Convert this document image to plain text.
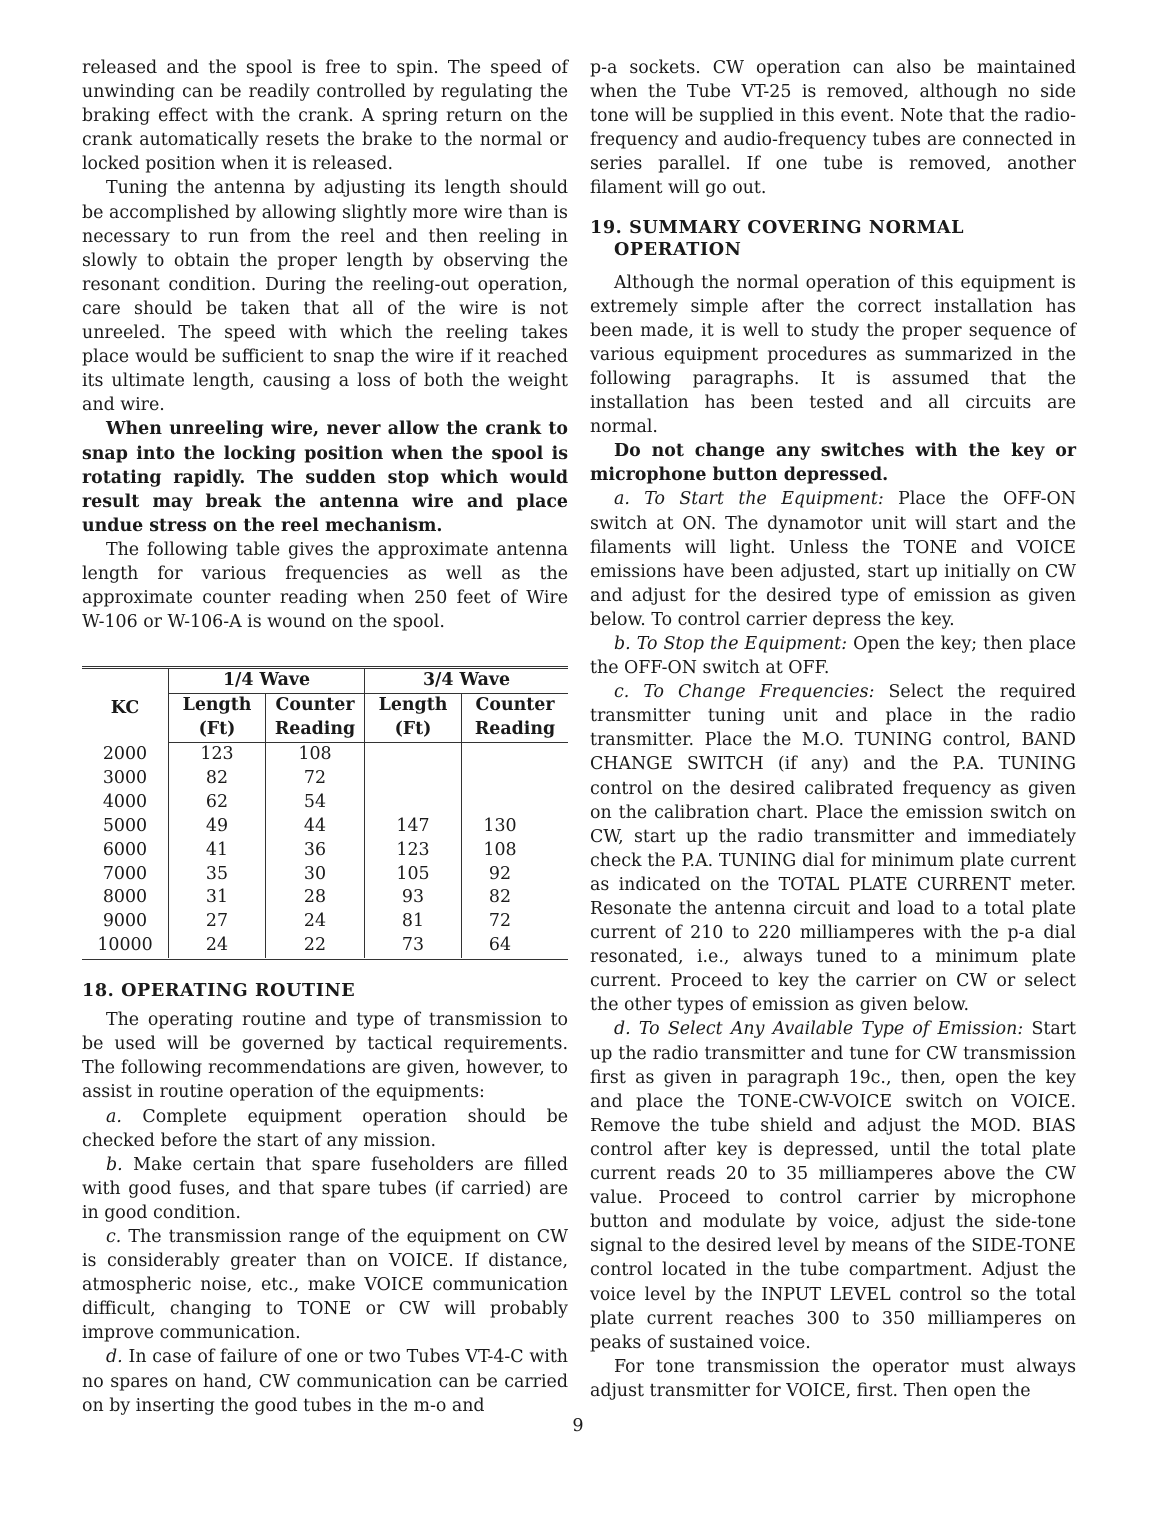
released and the spool is free to spin. The speed of unwinding can be readily controlled by regulating the braking effect with the crank. A spring return on the crank automatically resets the brake to the normal or locked position when it is released.

Tuning the antenna by adjusting its length should be accomplished by allowing slightly more wire than is necessary to run from the reel and then reeling in slowly to obtain the proper length by observing the resonant condition. During the reeling-out operation, care should be taken that all of the wire is not unreeled. The speed with which the reeling takes place would be sufficient to snap the wire if it reached its ultimate length, causing a loss of both the weight and wire.

When unreeling wire, never allow the crank to snap into the locking position when the spool is rotating rapidly. The sudden stop which would result may break the antenna wire and place undue stress on the reel mechanism.

The following table gives the approximate antenna length for various frequencies as well as the approximate counter reading when 250 feet of Wire W-106 or W-106-A is wound on the spool.

KC	1/4 Wave		3/4 Wave	
	Length	Counter	Length	Counter
	(Ft)	Reading	(Ft)	Reading
2000	123	108		
3000	82	72		
4000	62	54		
5000	49	44	147	130
6000	41	36	123	108
7000	35	30	105	92
8000	31	28	93	82
9000	27	24	81	72
10000	24	22	73	64
18. OPERATING ROUTINE

The operating routine and type of transmission to be used will be governed by tactical requirements. The following recommendations are given, however, to assist in routine operation of the equipments:

a. Complete equipment operation should be checked before the start of any mission.

b. Make certain that spare fuseholders are filled with good fuses, and that spare tubes (if carried) are in good condition.

c. The transmission range of the equipment on CW is considerably greater than on VOICE. If distance, atmospheric noise, etc., make VOICE communication difficult, changing to TONE or CW will probably improve communication.

d. In case of failure of one or two Tubes VT-4-C with no spares on hand, CW communication can be carried on by inserting the good tubes in the m-o and

p-a sockets. CW operation can also be maintained when the Tube VT-25 is removed, although no side tone will be supplied in this event. Note that the radio-frequency and audio-frequency tubes are connected in series parallel. If one tube is removed, another filament will go out.

19. SUMMARY COVERING NORMAL OPERATION

Although the normal operation of this equipment is extremely simple after the correct installation has been made, it is well to study the proper sequence of various equipment procedures as summarized in the following paragraphs. It is assumed that the installation has been tested and all circuits are normal.

Do not change any switches with the key or microphone button depressed.

a. To Start the Equipment: Place the OFF-ON switch at ON. The dynamotor unit will start and the filaments will light. Unless the TONE and VOICE emissions have been adjusted, start up initially on CW and adjust for the desired type of emission as given below. To control carrier depress the key.

b. To Stop the Equipment: Open the key; then place the OFF-ON switch at OFF.

c. To Change Frequencies: Select the required transmitter tuning unit and place in the radio transmitter. Place the M.O. TUNING control, BAND CHANGE SWITCH (if any) and the P.A. TUNING control on the desired calibrated frequency as given on the calibration chart. Place the emission switch on CW, start up the radio transmitter and immediately check the P.A. TUNING dial for minimum plate current as indicated on the TOTAL PLATE CURRENT meter. Resonate the antenna circuit and load to a total plate current of 210 to 220 milliamperes with the p-a dial resonated, i.e., always tuned to a minimum plate current. Proceed to key the carrier on CW or select the other types of emission as given below.

d. To Select Any Available Type of Emission: Start up the radio transmitter and tune for CW transmission first as given in paragraph 19c., then, open the key and place the TONE-CW-VOICE switch on VOICE. Remove the tube shield and adjust the MOD. BIAS control after key is depressed, until the total plate current reads 20 to 35 milliamperes above the CW value. Proceed to control carrier by microphone button and modulate by voice, adjust the side-tone signal to the desired level by means of the SIDE-TONE control located in the tube compartment. Adjust the voice level by the INPUT LEVEL control so the total plate current reaches 300 to 350 milliamperes on peaks of sustained voice.

For tone transmission the operator must always adjust transmitter for VOICE, first. Then open the

9
